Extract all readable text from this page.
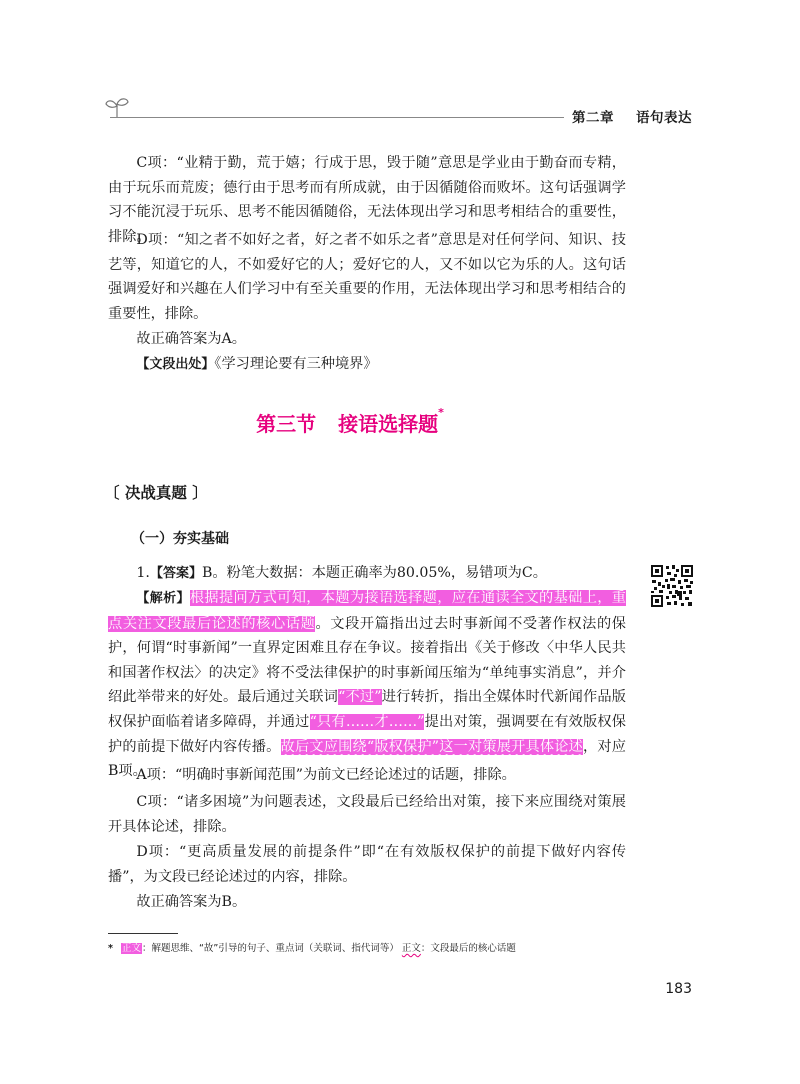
第二章 语句表达

C项：“业精于勤，荒于嬉；行成于思，毁于随”意思是学业由于勤奋而专精，由于玩乐而荒废；德行由于思考而有所成就，由于因循随俗而败坏。这句话强调学习不能沉浸于玩乐、思考不能因循随俗，无法体现出学习和思考相结合的重要性，排除。

D项：“知之者不如好之者，好之者不如乐之者”意思是对任何学问、知识、技艺等，知道它的人，不如爱好它的人；爱好它的人，又不如以它为乐的人。这句话强调爱好和兴趣在人们学习中有至关重要的作用，无法体现出学习和思考相结合的重要性，排除。

故正确答案为A。

【文段出处】《学习理论要有三种境界》

第三节 接语选择题*
〔 决战真题 〕
（一）夯实基础

1.【答案】B。粉笔大数据：本题正确率为80.05%，易错项为C。

【解析】根据提问方式可知，本题为接语选择题，应在通读全文的基础上，重点关注文段最后论述的核心话题。文段开篇指出过去时事新闻不受著作权法的保护，何谓“时事新闻”一直界定困难且存在争议。接着指出《关于修改〈中华人民共和国著作权法〉的决定》将不受法律保护的时事新闻压缩为“单纯事实消息”，并介绍此举带来的好处。最后通过关联词“不过”进行转折，指出全媒体时代新闻作品版权保护面临着诸多障碍，并通过“只有……才……”提出对策，强调要在有效版权保护的前提下做好内容传播。故后文应围绕“版权保护”这一对策展开具体论述，对应B项。

A项：“明确时事新闻范围”为前文已经论述过的话题，排除。

C项：“诸多困境”为问题表述，文段最后已经给出对策，接下来应围绕对策展开具体论述，排除。

D项：“更高质量发展的前提条件”即“在有效版权保护的前提下做好内容传播”，为文段已经论述过的内容，排除。

故正确答案为B。

* 正文：解题思维、“故”引导的句子、重点词（关联词、指代词等） 正文：文段最后的核心话题
183
